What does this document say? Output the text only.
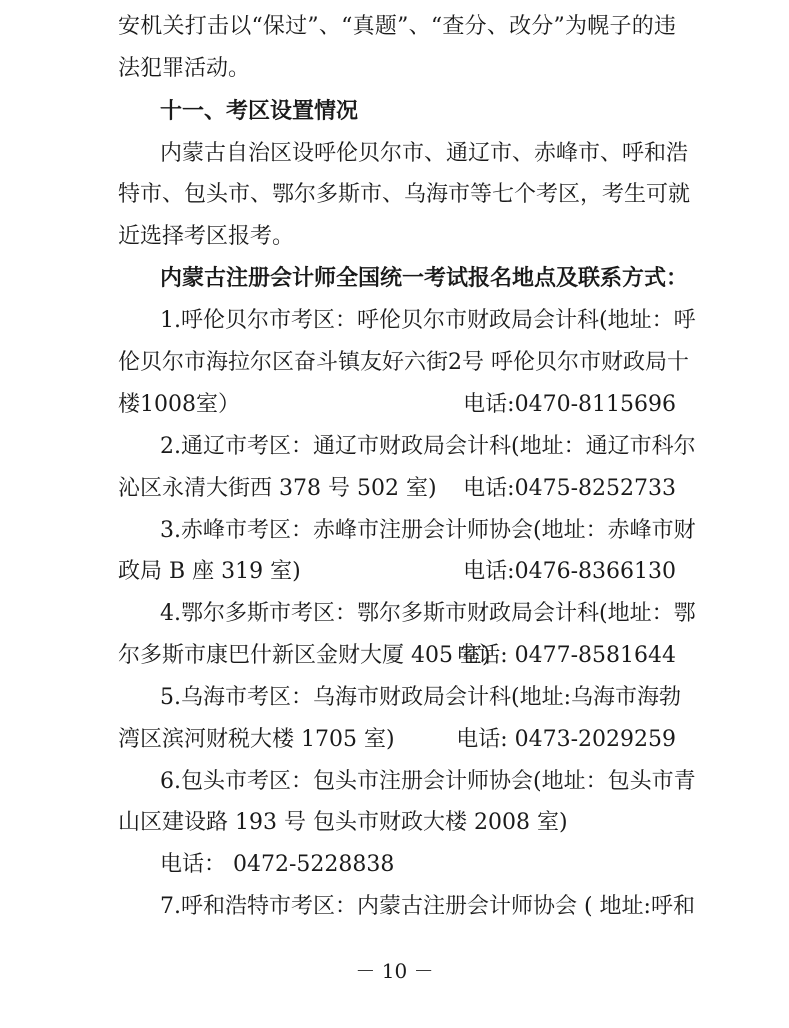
安机关打击以“保过”、“真题”、“查分、改分”为幌子的违
法犯罪活动。
十一、考区设置情况
内蒙古自治区设呼伦贝尔市、通辽市、赤峰市、呼和浩
特市、包头市、鄂尔多斯市、乌海市等七个考区，考生可就
近选择考区报考。
内蒙古注册会计师全国统一考试报名地点及联系方式：
1.呼伦贝尔市考区：呼伦贝尔市财政局会计科(地址：呼
伦贝尔市海拉尔区奋斗镇友好六街2号 呼伦贝尔市财政局十
楼1008室）	电话:0470-8115696
2.通辽市考区：通辽市财政局会计科(地址：通辽市科尔
沁区永清大街西 378 号 502 室) 电话:0475-8252733
3.赤峰市考区：赤峰市注册会计师协会(地址：赤峰市财
政局 B 座 319 室)	电话:0476-8366130
4.鄂尔多斯市考区：鄂尔多斯市财政局会计科(地址：鄂
尔多斯市康巴什新区金财大厦 405 室)
电话: 0477-8581644
5.乌海市考区：乌海市财政局会计科(地址:乌海市海勃
湾区滨河财税大楼 1705 室)	电话: 0473-2029259
6.包头市考区：包头市注册会计师协会(地址：包头市青
山区建设路 193 号 包头市财政大楼 2008 室)
电话： 0472-5228838
7.呼和浩特市考区：内蒙古注册会计师协会 ( 地址:呼和
－ 10 －
